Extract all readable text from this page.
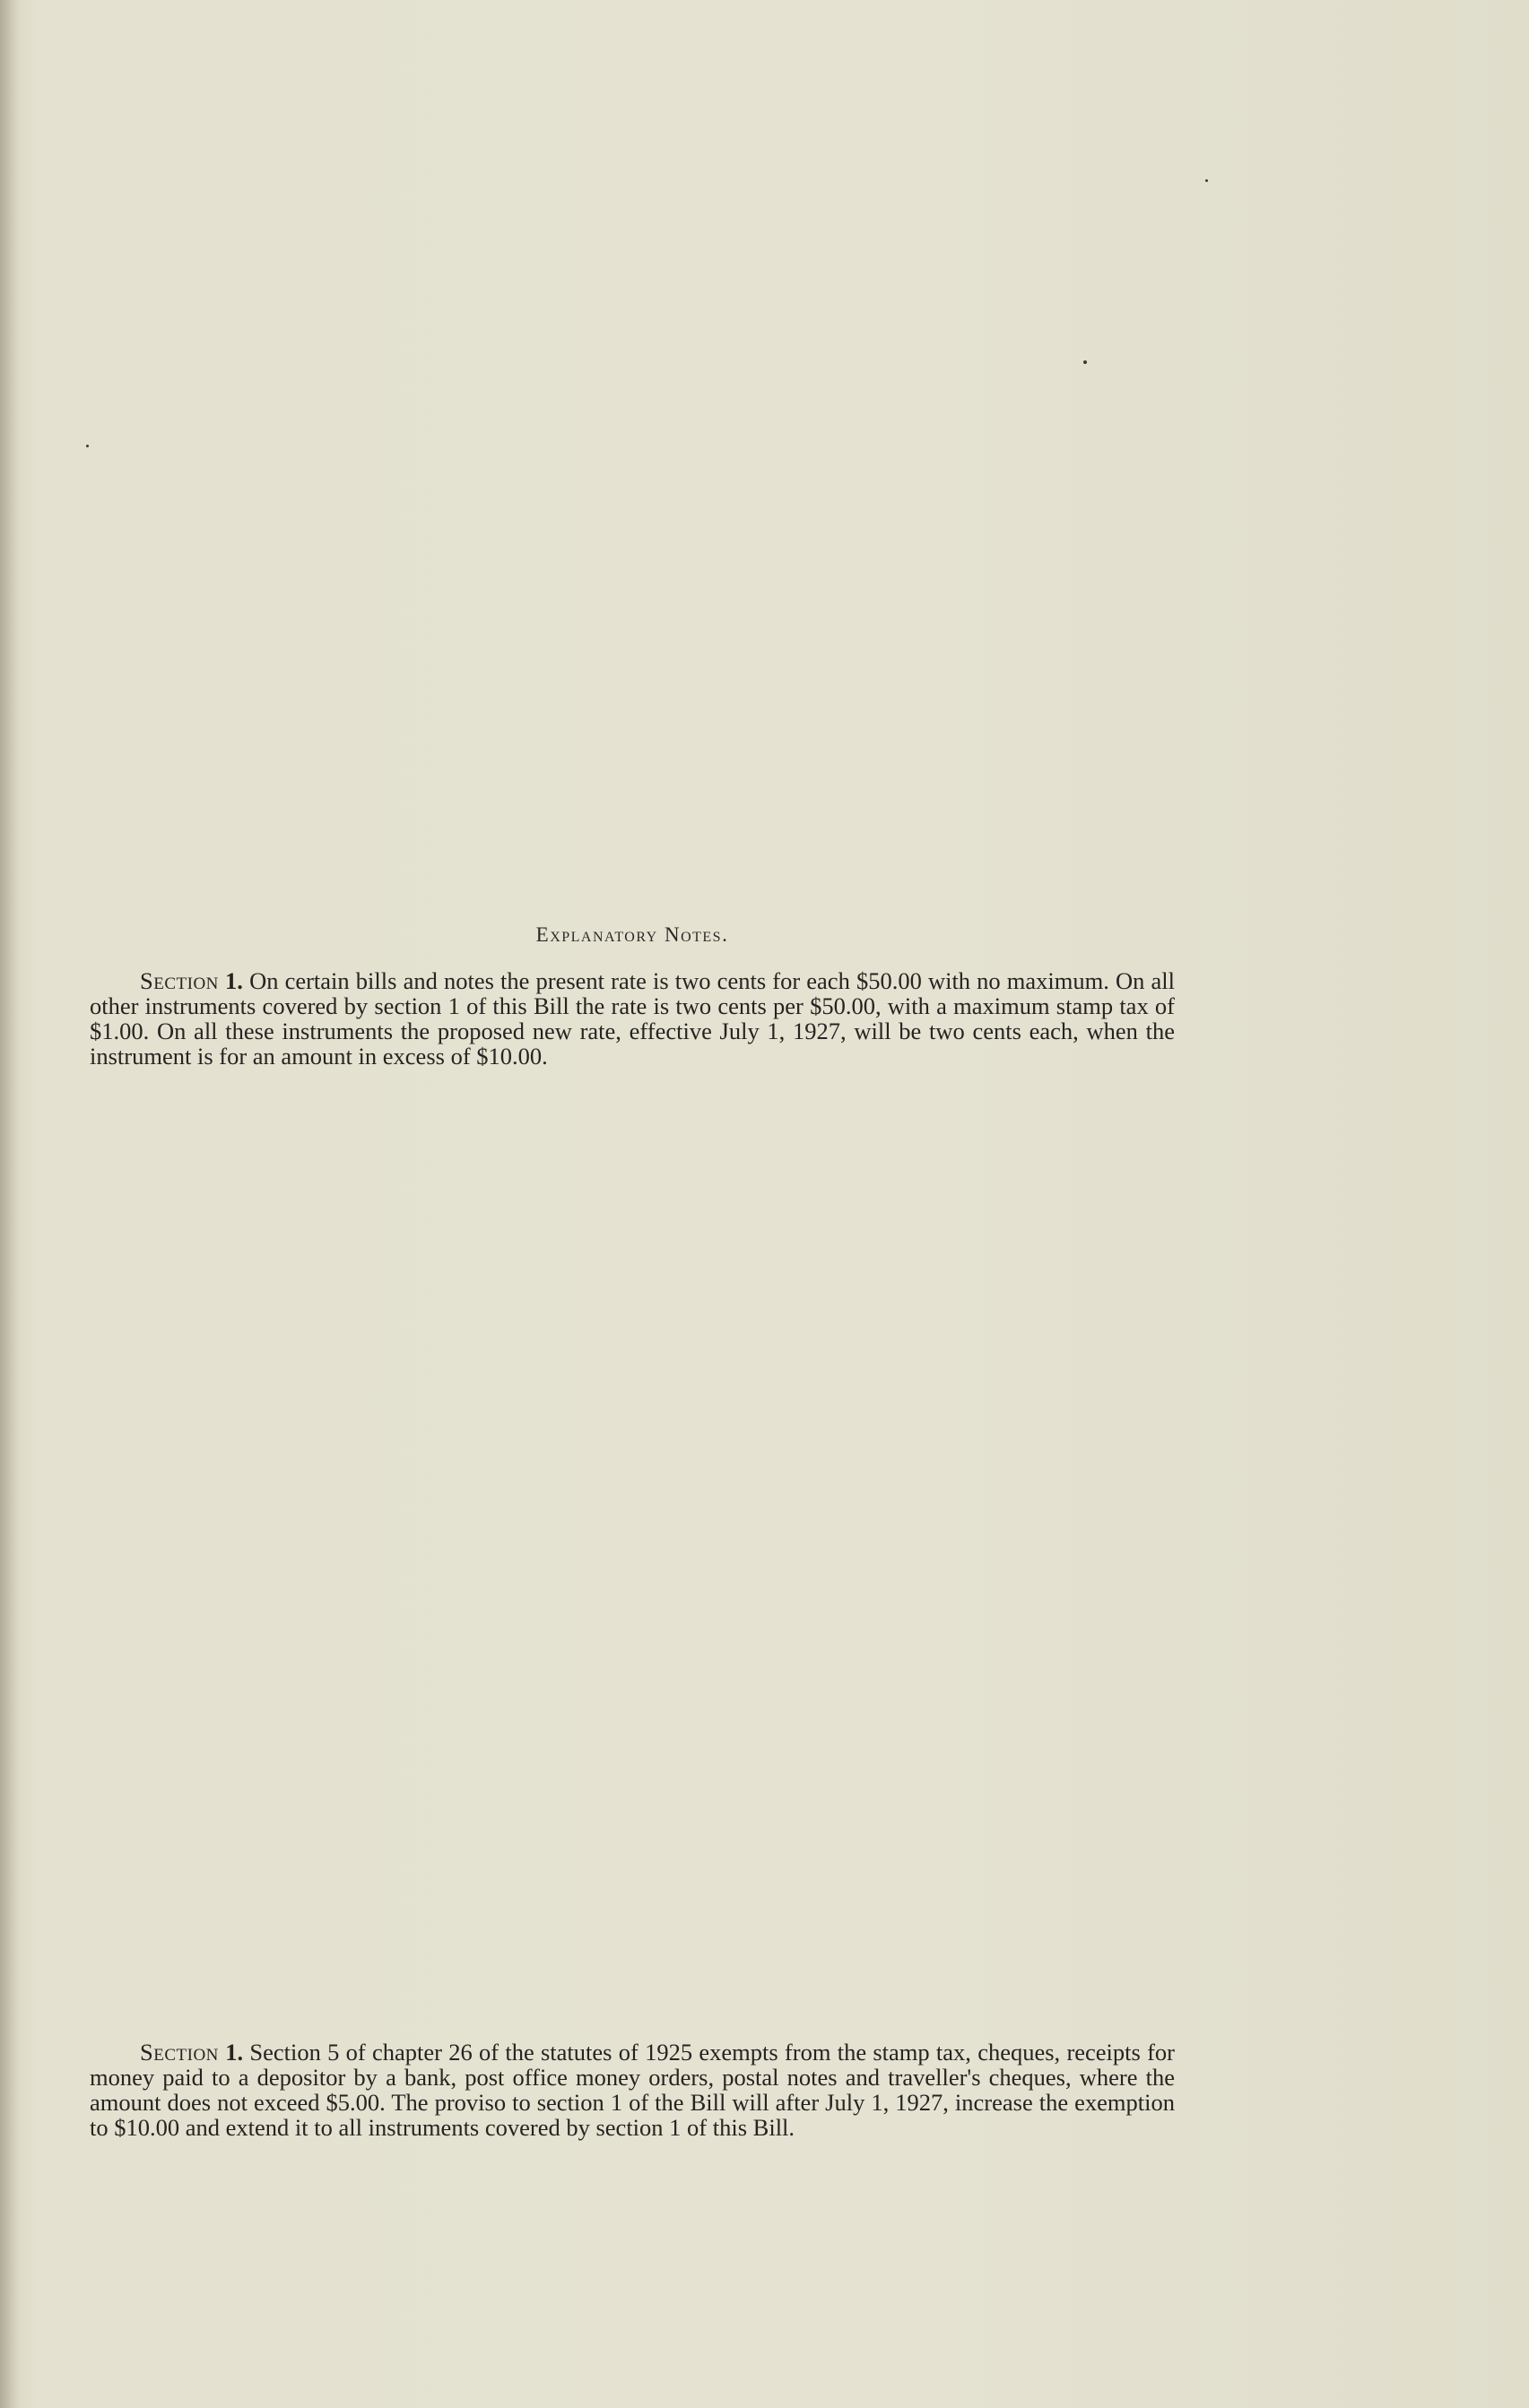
Explanatory Notes.

Section 1. On certain bills and notes the present rate is two cents for each $50.00 with no maximum. On all other instruments covered by section 1 of this Bill the rate is two cents per $50.00, with a maximum stamp tax of $1.00. On all these instruments the proposed new rate, effective July 1, 1927, will be two cents each, when the instrument is for an amount in excess of $10.00.

Section 1. Section 5 of chapter 26 of the statutes of 1925 exempts from the stamp tax, cheques, receipts for money paid to a depositor by a bank, post office money orders, postal notes and traveller's cheques, where the amount does not exceed $5.00. The proviso to section 1 of the Bill will after July 1, 1927, increase the exemption to $10.00 and extend it to all instruments covered by section 1 of this Bill.
